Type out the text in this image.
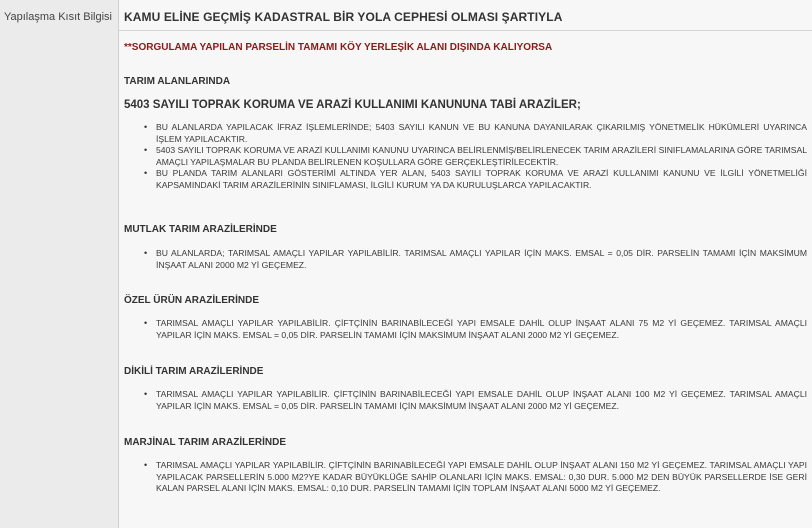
Yapılaşma Kısıt Bilgisi KAMU ELİNE GEÇMİŞ KADASTRAL BİR YOLA CEPHESİ OLMASI ŞARTIYLA
**SORGULAMA YAPILAN PARSELİN TAMAMI KÖY YERLEŞİK ALANI DIŞINDA KALIYORSA
TARIM ALANLARINDA
5403 SAYILI TOPRAK KORUMA VE ARAZİ KULLANIMI KANUNUNA TABİ ARAZİLER;
• BU ALANLARDA YAPILACAK İFRAZ İŞLEMLERİNDE; 5403 SAYILI KANUN VE BU KANUNA DAYANILARAK ÇIKARILMIŞ YÖNETMELİK HÜKÜMLERİ UYARINCA İŞLEM YAPILACAKTIR.
• 5403 SAYILI TOPRAK KORUMA VE ARAZİ KULLANIMI KANUNU UYARINCA BELİRLENMİŞ/BELİRLENECEK TARIM ARAZİLERİ SINIFLAMALARINA GÖRE TARIMSAL AMAÇLI YAPILAŞMALAR BU PLANDA BELİRLENEN KOŞULLARA GÖRE GERÇEKLEŞTİRİLECEKTİR.
• BU PLANDA TARIM ALANLARI GÖSTERİMİ ALTINDA YER ALAN, 5403 SAYILI TOPRAK KORUMA VE ARAZİ KULLANIMI KANUNU VE İLGİLİ YÖNETMELİĞİ KAPSAMINDAKİ TARIM ARAZİLERİNİN SINIFLAMASI, İLGİLİ KURUM YA DA KURULUŞLARCA YAPILACAKTIR.
MUTLAK TARIM ARAZİLERİNDE
• BU ALANLARDA; TARIMSAL AMAÇLI YAPILAR YAPILABİLİR. TARIMSAL AMAÇLI YAPILAR İÇİN MAKS. EMSAL = 0,05 DİR. PARSELİN TAMAMI İÇİN MAKSİMUM İNŞAAT ALANI 2000 M2 Yİ GEÇEMEZ.
ÖZEL ÜRÜN ARAZİLERİNDE
• TARIMSAL AMAÇLI YAPILAR YAPILABİLİR. ÇİFTÇİNİN BARINABİLECEĞİ YAPI EMSALE DAHİL OLUP İNŞAAT ALANI 75 M2 Yİ GEÇEMEZ. TARIMSAL AMAÇLI YAPILAR İÇİN MAKS. EMSAL = 0,05 DİR. PARSELİN TAMAMI İÇİN MAKSİMUM İNŞAAT ALANI 2000 M2 Yİ GEÇEMEZ.
DİKİLİ TARIM ARAZİLERİNDE
• TARIMSAL AMAÇLI YAPILAR YAPILABİLİR. ÇİFTÇİNİN BARINABİLECEĞİ YAPI EMSALE DAHİL OLUP İNŞAAT ALANI 100 M2 Yİ GEÇEMEZ. TARIMSAL AMAÇLI YAPILAR İÇİN MAKS. EMSAL = 0,05 DİR. PARSELİN TAMAMI İÇİN MAKSİMUM İNŞAAT ALANI 2000 M2 Yİ GEÇEMEZ.
MARJİNAL TARIM ARAZİLERİNDE
• TARIMSAL AMAÇLI YAPILAR YAPILABİLİR. ÇİFTÇİNİN BARINABİLECEĞİ YAPI EMSALE DAHİL OLUP İNŞAAT ALANI 150 M2 Yİ GEÇEMEZ. TARIMSAL AMAÇLI YAPI YAPILACAK PARSELLERİN 5.000 M2?YE KADAR BÜYÜKLÜĞE SAHİP OLANLARI İÇİN MAKS. EMSAL: 0,30 DUR. 5.000 M2 DEN BÜYÜK PARSELLERDE İSE GERİ KALAN PARSEL ALANI İÇİN MAKS. EMSAL: 0,10 DUR. PARSELİN TAMAMI İÇİN TOPLAM İNŞAAT ALANI 5000 M2 Yİ GEÇEMEZ.
